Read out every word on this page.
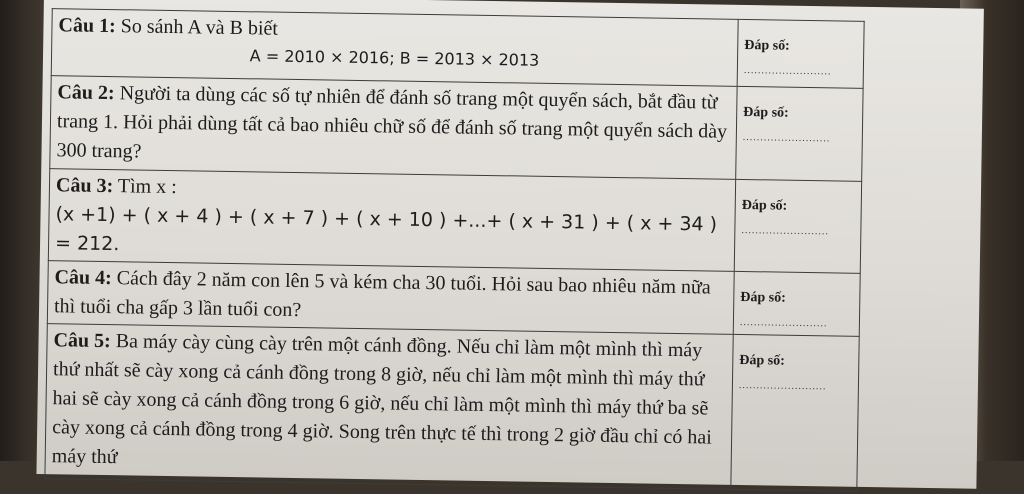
Câu 1: So sánh A và B biết
A = 2010 × 2016; B = 2013 × 2013	Đáp số:
.........................

Câu 2: Người ta dùng các số tự nhiên để đánh số trang một quyển sách, bắt đầu từ trang 1. Hỏi phải dùng tất cả bao nhiêu chữ số để đánh số trang một quyển sách dày 300 trang?	Đáp số:
.........................

Câu 3: Tìm x :
(x +1) + ( x + 4 ) + ( x + 7 ) + ( x + 10 ) +...+ ( x + 31 ) + ( x + 34 ) = 212.	Đáp số:
.........................

Câu 4: Cách đây 2 năm con lên 5 và kém cha 30 tuổi. Hỏi sau bao nhiêu năm nữa thì tuổi cha gấp 3 lần tuổi con?	Đáp số:
.........................

Câu 5: Ba máy cày cùng cày trên một cánh đồng. Nếu chỉ làm một mình thì máy thứ nhất sẽ cày xong cả cánh đồng trong 8 giờ, nếu chỉ làm một mình thì máy thứ hai sẽ cày xong cả cánh đồng trong 6 giờ, nếu chỉ làm một mình thì máy thứ ba sẽ cày xong cả cánh đồng trong 4 giờ. Song trên thực tế thì trong 2 giờ đầu chỉ có hai máy thứ	Đáp số:
.........................
